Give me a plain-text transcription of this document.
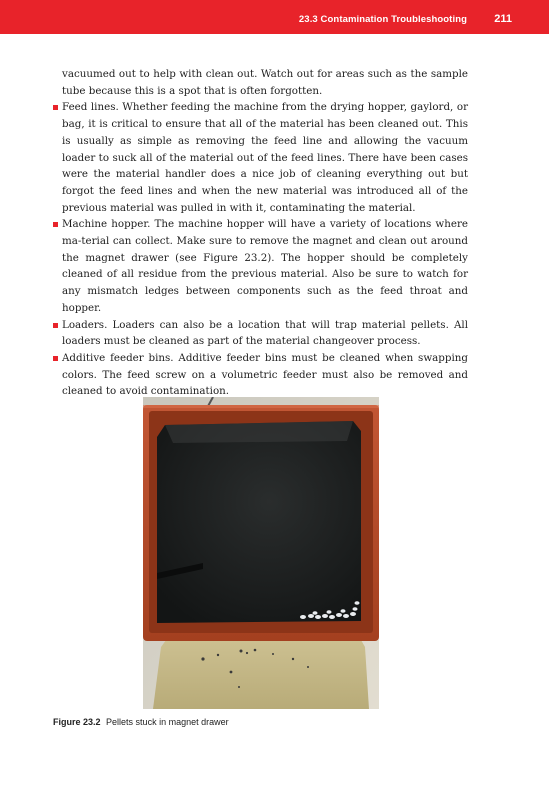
23.3 Contamination Troubleshooting 211

vacuumed out to help with clean out. Watch out for areas such as the sample tube because this is a spot that is often forgotten.

Feed lines. Whether feeding the machine from the drying hopper, gaylord, or bag, it is critical to ensure that all of the material has been cleaned out. This is usually as simple as removing the feed line and allowing the vacuum loader to suck all of the material out of the feed lines. There have been cases were the material handler does a nice job of cleaning everything out but forgot the feed lines and when the new material was introduced all of the previous material was pulled in with it, contaminating the material.

Machine hopper. The machine hopper will have a variety of locations where ma-terial can collect. Make sure to remove the magnet and clean out around the magnet drawer (see Figure 23.2). The hopper should be completely cleaned of all residue from the previous material. Also be sure to watch for any mismatch ledges between components such as the feed throat and hopper.

Loaders. Loaders can also be a location that will trap material pellets. All loaders must be cleaned as part of the material changeover process.

Additive feeder bins. Additive feeder bins must be cleaned when swapping colors. The feed screw on a volumetric feeder must also be removed and cleaned to avoid contamination.

Figure 23.2 Pellets stuck in magnet drawer
